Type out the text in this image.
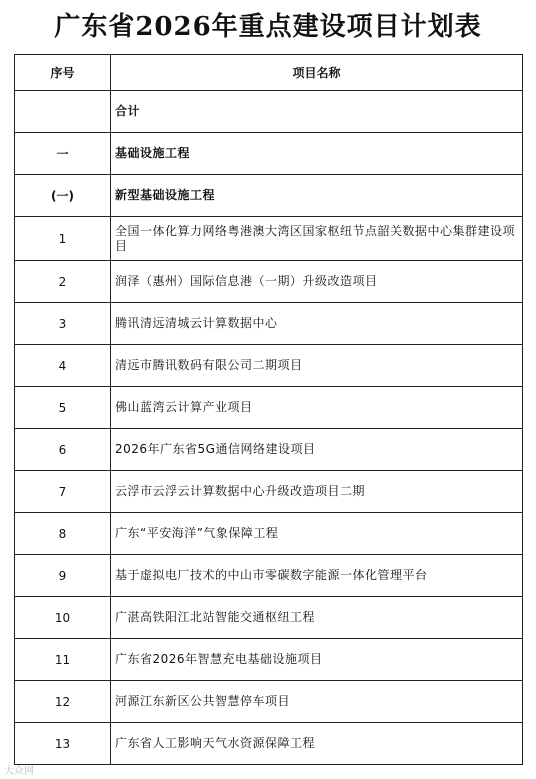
广东省2026年重点建设项目计划表
序号	项目名称
	合计
一	基础设施工程
(一)	新型基础设施工程
1	全国一体化算力网络粤港澳大湾区国家枢纽节点韶关数据中心集群建设项目
2	润泽（惠州）国际信息港（一期）升级改造项目
3	腾讯清远清城云计算数据中心
4	清远市腾讯数码有限公司二期项目
5	佛山蓝湾云计算产业项目
6	2026年广东省5G通信网络建设项目
7	云浮市云浮云计算数据中心升级改造项目二期
8	广东“平安海洋”气象保障工程
9	基于虚拟电厂技术的中山市零碳数字能源一体化管理平台
10	广湛高铁阳江北站智能交通枢纽工程
11	广东省2026年智慧充电基础设施项目
12	河源江东新区公共智慧停车项目
13	广东省人工影响天气水资源保障工程
大众网
